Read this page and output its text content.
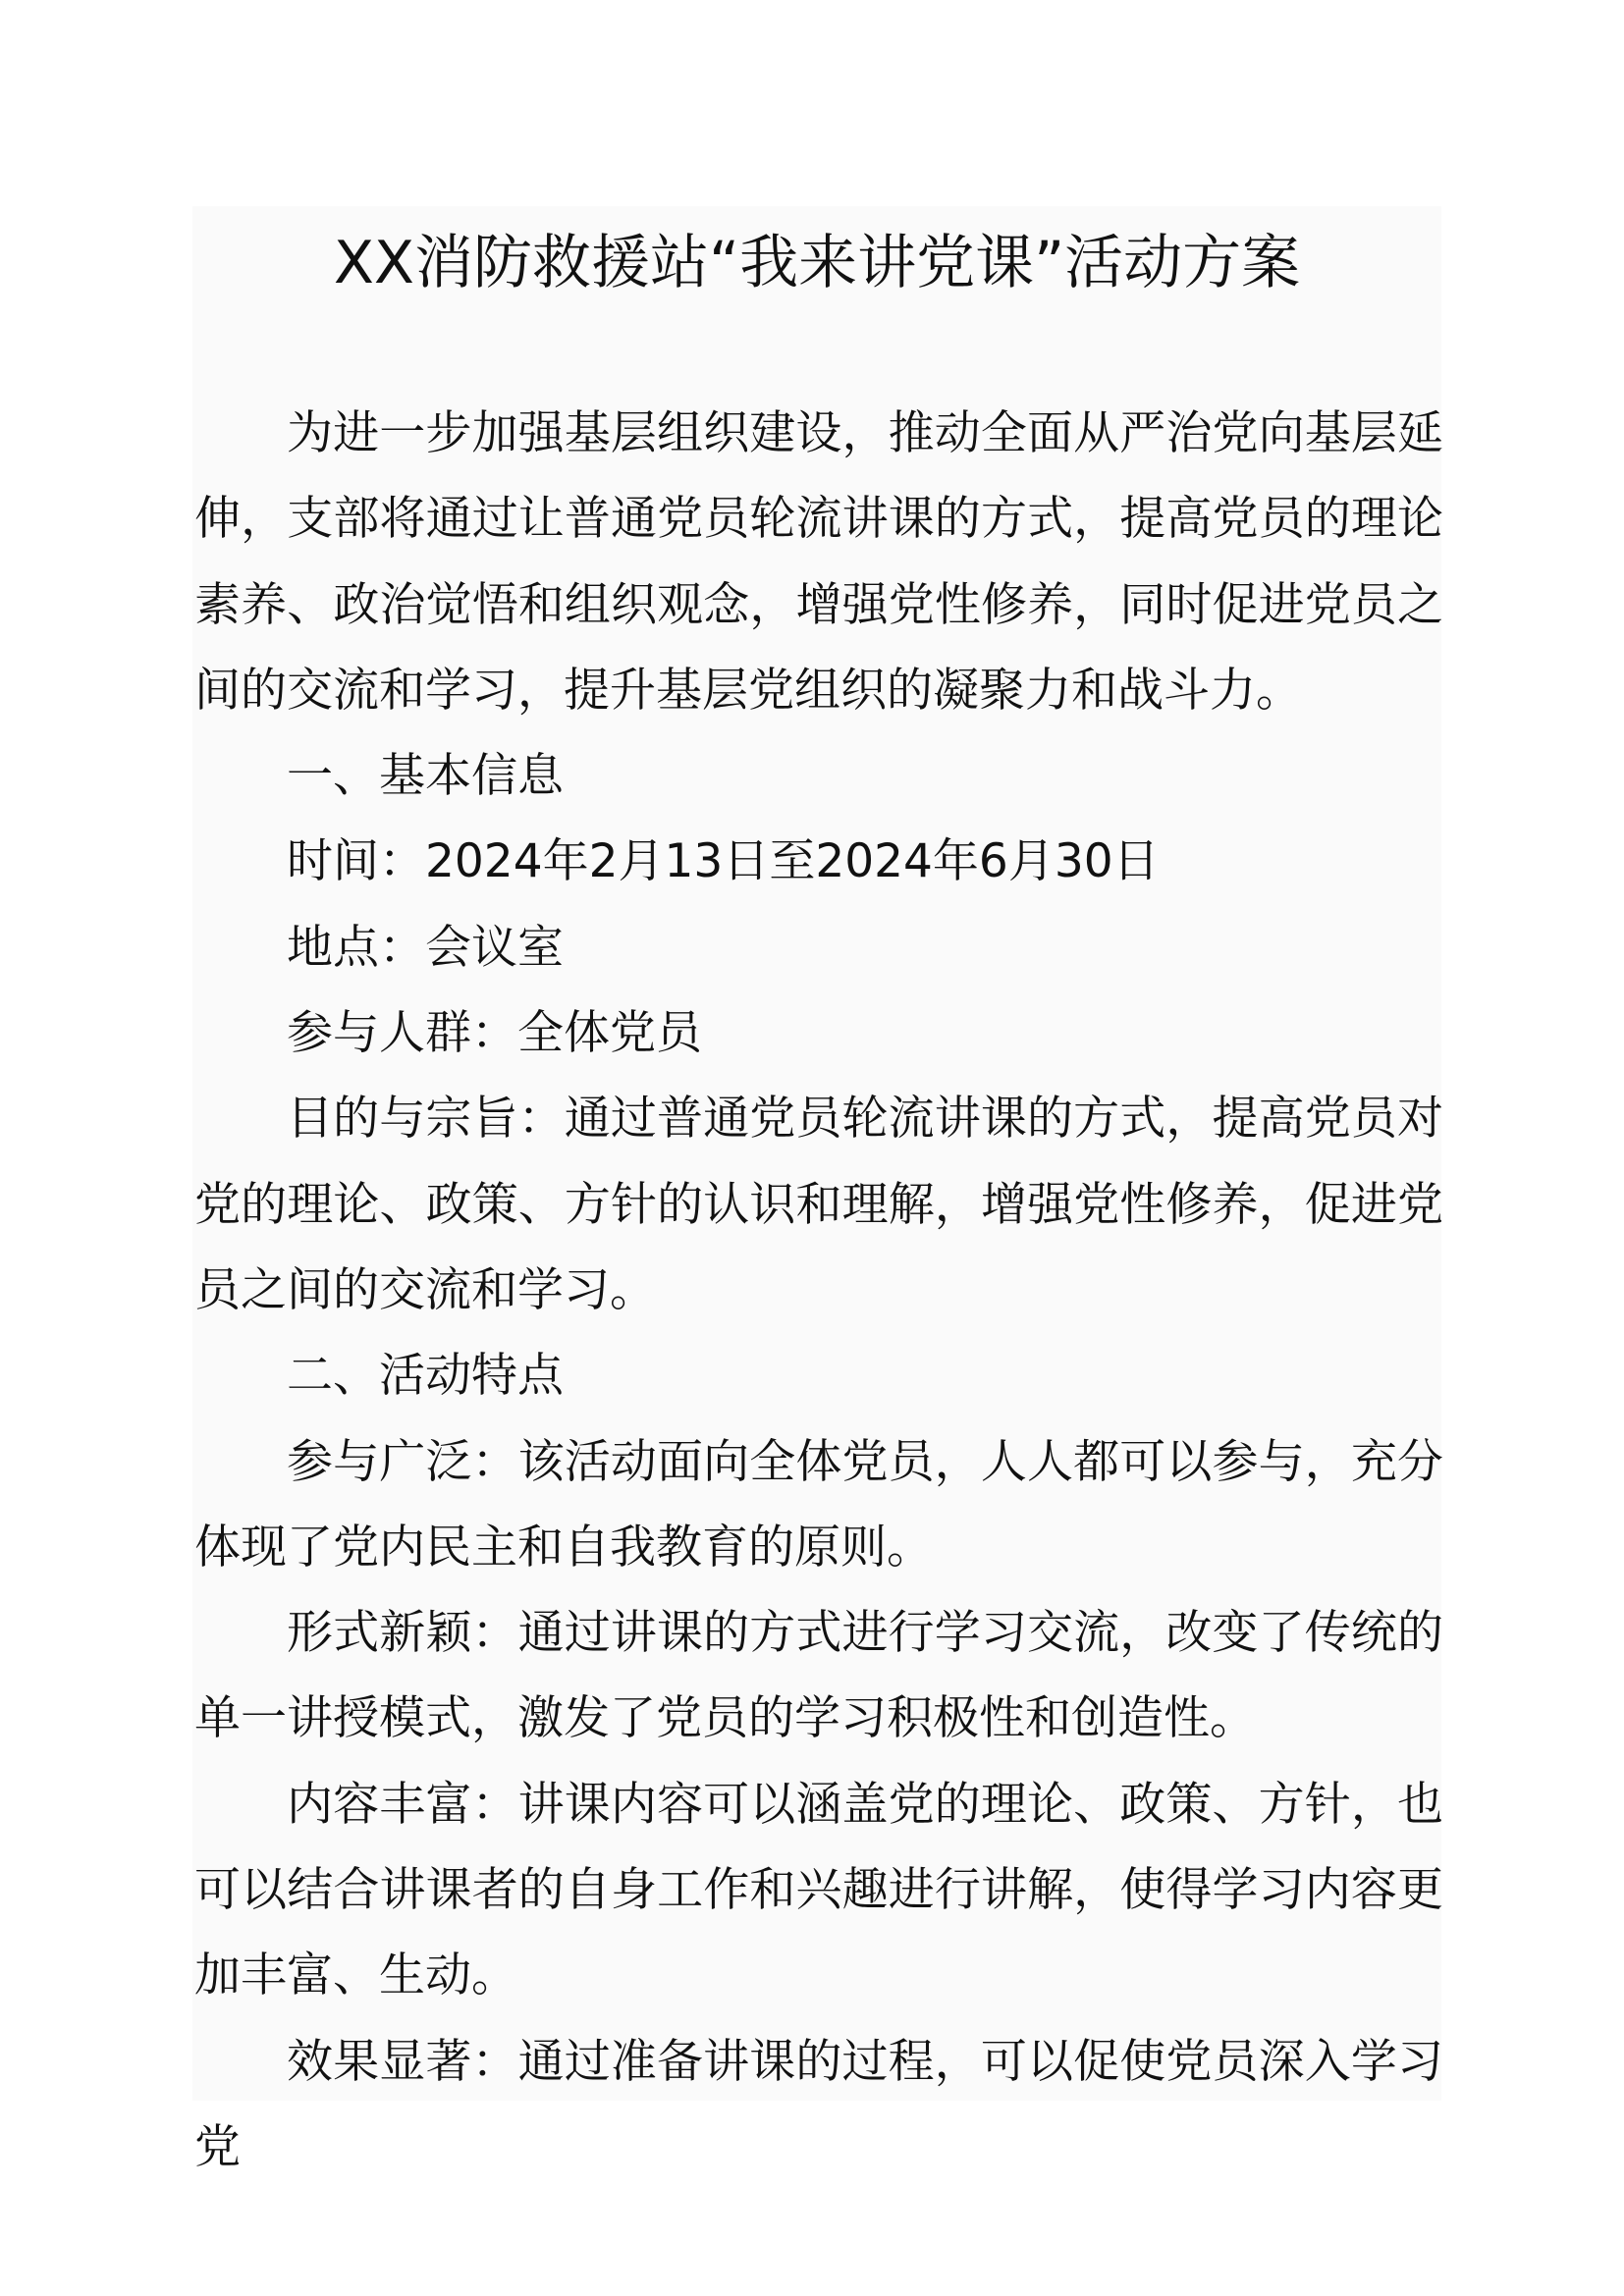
XX消防救援站“我来讲党课”活动方案

为进一步加强基层组织建设，推动全面从严治党向基层延伸，支部将通过让普通党员轮流讲课的方式，提高党员的理论素养、政治觉悟和组织观念，增强党性修养，同时促进党员之间的交流和学习，提升基层党组织的凝聚力和战斗力。

一、基本信息

时间：2024年2月13日至2024年6月30日

地点：会议室

参与人群：全体党员

目的与宗旨：通过普通党员轮流讲课的方式，提高党员对党的理论、政策、方针的认识和理解，增强党性修养，促进党员之间的交流和学习。

二、活动特点

参与广泛：该活动面向全体党员，人人都可以参与，充分体现了党内民主和自我教育的原则。

形式新颖：通过讲课的方式进行学习交流，改变了传统的单一讲授模式，激发了党员的学习积极性和创造性。

内容丰富：讲课内容可以涵盖党的理论、政策、方针，也可以结合讲课者的自身工作和兴趣进行讲解，使得学习内容更加丰富、生动。

效果显著：通过准备讲课的过程，可以促使党员深入学习党
